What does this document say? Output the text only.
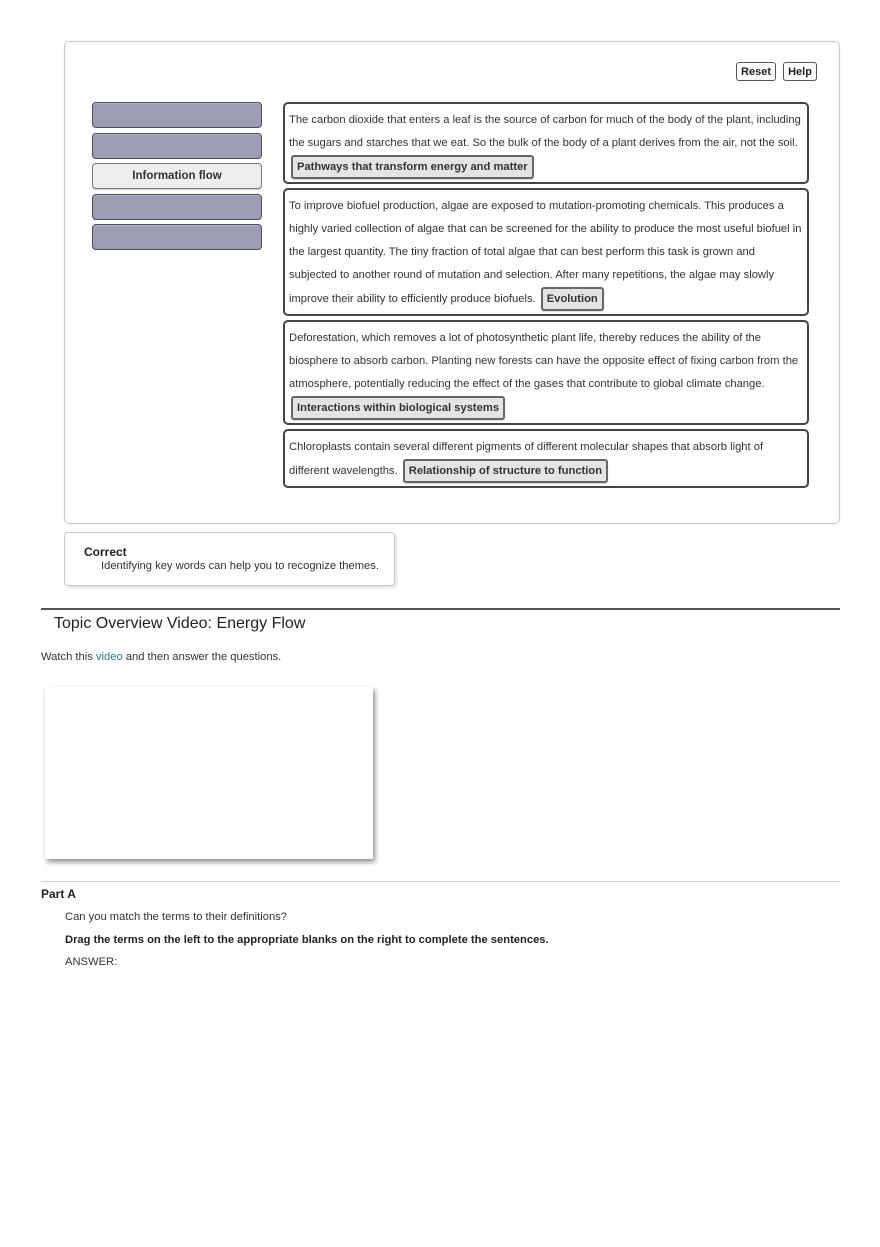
Reset	Help
Information flow
The carbon dioxide that enters a leaf is the source of carbon for much of the body of the plant, including the sugars and starches that we eat. So the bulk of the body of a plant derives from the air, not the soil. Pathways that transform energy and matter
To improve biofuel production, algae are exposed to mutation-promoting chemicals. This produces a highly varied collection of algae that can be screened for the ability to produce the most useful biofuel in the largest quantity. The tiny fraction of total algae that can best perform this task is grown and subjected to another round of mutation and selection. After many repetitions, the algae may slowly improve their ability to efficiently produce biofuels. Evolution
Deforestation, which removes a lot of photosynthetic plant life, thereby reduces the ability of the biosphere to absorb carbon. Planting new forests can have the opposite effect of fixing carbon from the atmosphere, potentially reducing the effect of the gases that contribute to global climate change. Interactions within biological systems
Chloroplasts contain several different pigments of different molecular shapes that absorb light of different wavelengths. Relationship of structure to function
Correct
Identifying key words can help you to recognize themes.
Topic Overview Video: Energy Flow
Watch this video and then answer the questions.
Part A
Can you match the terms to their definitions?
Drag the terms on the left to the appropriate blanks on the right to complete the sentences.
ANSWER:
